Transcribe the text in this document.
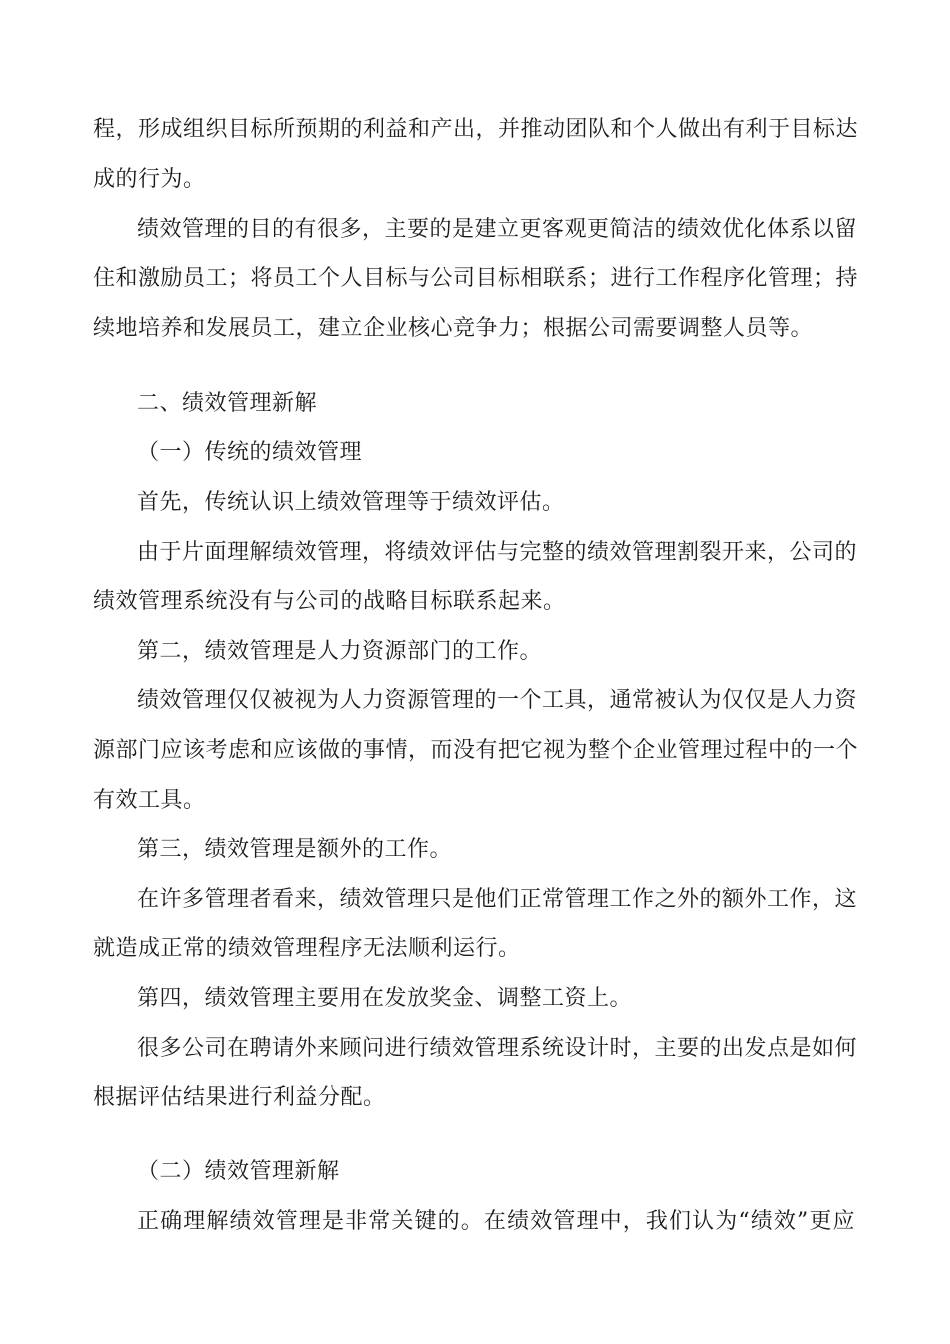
程，形成组织目标所预期的利益和产出，并推动团队和个人做出有利于目标达
成的行为。
绩效管理的目的有很多，主要的是建立更客观更简洁的绩效优化体系以留
住和激励员工；将员工个人目标与公司目标相联系；进行工作程序化管理；持
续地培养和发展员工，建立企业核心竞争力；根据公司需要调整人员等。
二、绩效管理新解
（一）传统的绩效管理
首先，传统认识上绩效管理等于绩效评估。
由于片面理解绩效管理，将绩效评估与完整的绩效管理割裂开来，公司的
绩效管理系统没有与公司的战略目标联系起来。
第二，绩效管理是人力资源部门的工作。
绩效管理仅仅被视为人力资源管理的一个工具，通常被认为仅仅是人力资
源部门应该考虑和应该做的事情，而没有把它视为整个企业管理过程中的一个
有效工具。
第三，绩效管理是额外的工作。
在许多管理者看来，绩效管理只是他们正常管理工作之外的额外工作，这
就造成正常的绩效管理程序无法顺利运行。
第四，绩效管理主要用在发放奖金、调整工资上。
很多公司在聘请外来顾问进行绩效管理系统设计时，主要的出发点是如何
根据评估结果进行利益分配。
（二）绩效管理新解
正确理解绩效管理是非常关键的。在绩效管理中，我们认为“绩效”更应
